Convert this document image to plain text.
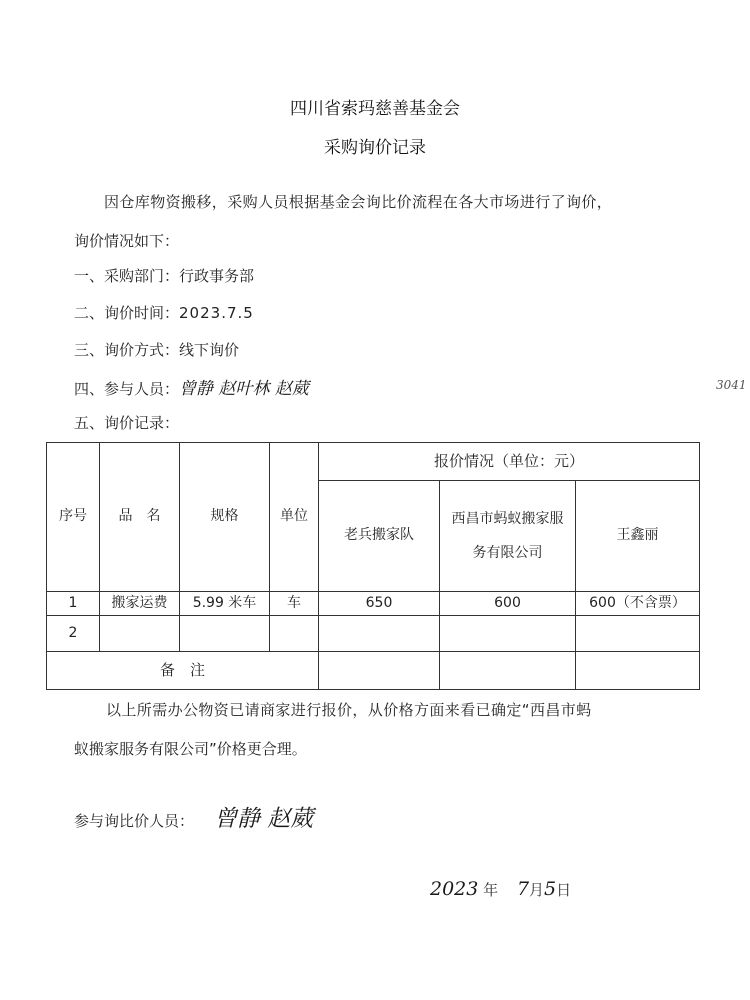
四川省索玛慈善基金会
采购询价记录
因仓库物资搬移，采购人员根据基金会询比价流程在各大市场进行了询价，
询价情况如下：
一、采购部门：行政事务部
二、询价时间：2023.7.5
三、询价方式：线下询价
四、参与人员：曾静 赵叶林 赵葳	3041
五、询价记录：
序号	品　名	规格	单位	报价情况（单位：元）		
				老兵搬家队	西昌市蚂蚁搬家服务有限公司	王鑫丽
1	搬家运费	5.99 米车	车	650	600	600（不含票）
2						
备　注						
以上所需办公物资已请商家进行报价，从价格方面来看已确定“西昌市蚂
蚁搬家服务有限公司”价格更合理。
参与询比价人员： 曾静 赵葳
2023 年 7月5日
